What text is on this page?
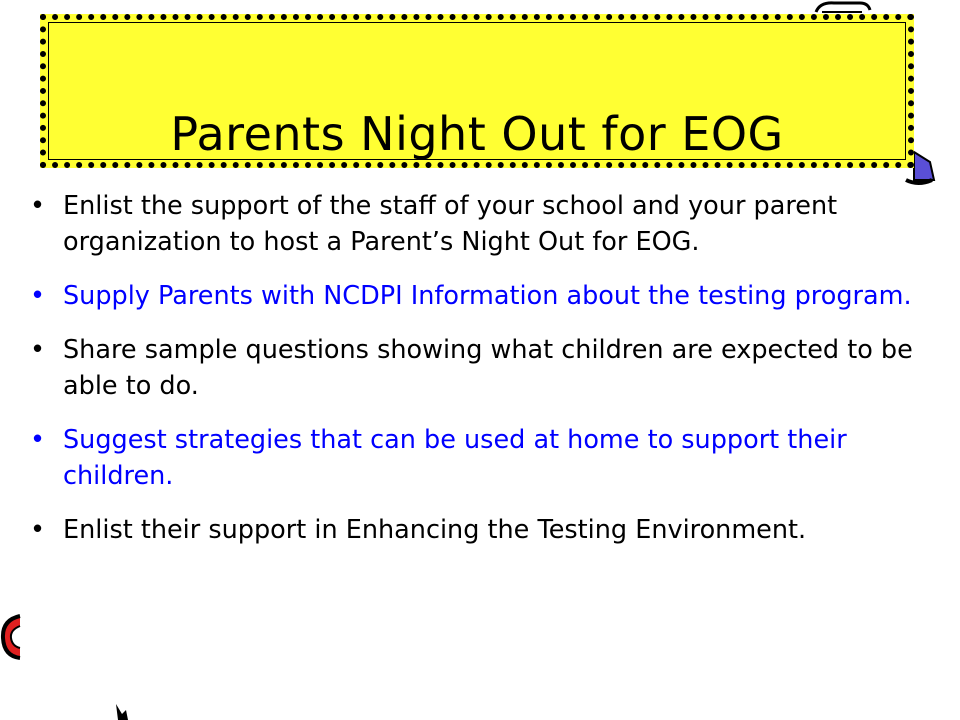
Parents Night Out for EOG
• Enlist the support of the staff of your school and your parent organization to host a Parent’s Night Out for EOG.
• Supply Parents with NCDPI Information about the testing program.
• Share sample questions showing what children are expected to be able to do.
• Suggest strategies that can be used at home to support their children.
• Enlist their support in Enhancing the Testing Environment.
